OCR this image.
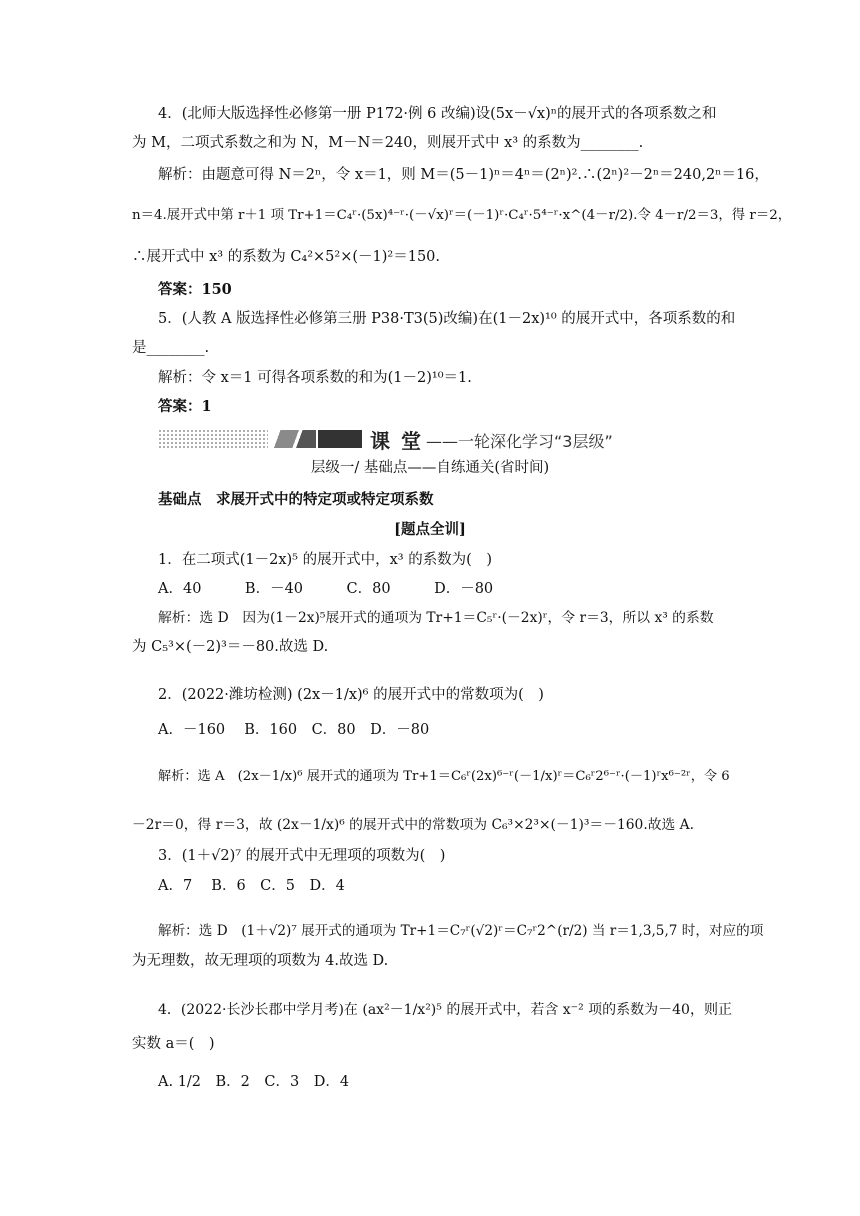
4．(北师大版选择性必修第一册 P172·例 6 改编)设(5x－√x)ⁿ的展开式的各项系数之和
为 M，二项式系数之和为 N，M－N＝240，则展开式中 x³ 的系数为________.
解析：由题意可得 N＝2ⁿ，令 x＝1，则 M＝(5－1)ⁿ＝4ⁿ＝(2ⁿ)².∴(2ⁿ)²－2ⁿ＝240,2ⁿ＝16，
n＝4.展开式中第 r＋1 项 Tr+1＝C₄ʳ·(5x)⁴⁻ʳ·(－√x)ʳ＝(－1)ʳ·C₄ʳ·5⁴⁻ʳ·x^(4－r/2).令 4－r/2＝3，得 r＝2，
∴展开式中 x³ 的系数为 C₄²×5²×(－1)²＝150.
答案：150
5．(人教 A 版选择性必修第三册 P38·T3(5)改编)在(1－2x)¹⁰ 的展开式中，各项系数的和
是________.
解析：令 x＝1 可得各项系数的和为(1－2)¹⁰＝1.
答案：1
课 堂 ——一轮深化学习“3层级”
层级一/ 基础点——自练通关(省时间)
基础点　求展开式中的特定项或特定项系数
[题点全训]
1．在二项式(1－2x)⁵ 的展开式中，x³ 的系数为(　)
A．40　　　B．－40　　　C．80　　　D．－80
解析：选 D　因为(1－2x)⁵展开式的通项为 Tr+1＝C₅ʳ·(－2x)ʳ，令 r＝3，所以 x³ 的系数
为 C₅³×(－2)³＝－80.故选 D.
2．(2022·潍坊检测) (2x－1/x)⁶ 的展开式中的常数项为(　)
A．－160　 B．160　C．80　D．－80
解析：选 A　(2x－1/x)⁶ 展开式的通项为 Tr+1＝C₆ʳ(2x)⁶⁻ʳ(－1/x)ʳ＝C₆ʳ2⁶⁻ʳ·(－1)ʳx⁶⁻²ʳ，令 6
－2r＝0，得 r＝3，故 (2x－1/x)⁶ 的展开式中的常数项为 C₆³×2³×(－1)³＝－160.故选 A.
3．(1＋√2)⁷ 的展开式中无理项的项数为(　)
A．7　 B．6　C．5　D．4
解析：选 D　(1＋√2)⁷ 展开式的通项为 Tr+1＝C₇ʳ(√2)ʳ＝C₇ʳ2^(r/2) 当 r＝1,3,5,7 时，对应的项
为无理数，故无理项的项数为 4.故选 D.
4．(2022·长沙长郡中学月考)在 (ax²－1/x²)⁵ 的展开式中，若含 x⁻² 项的系数为－40，则正
实数 a＝(　)
A. 1/2　B．2　C．3　D．4
